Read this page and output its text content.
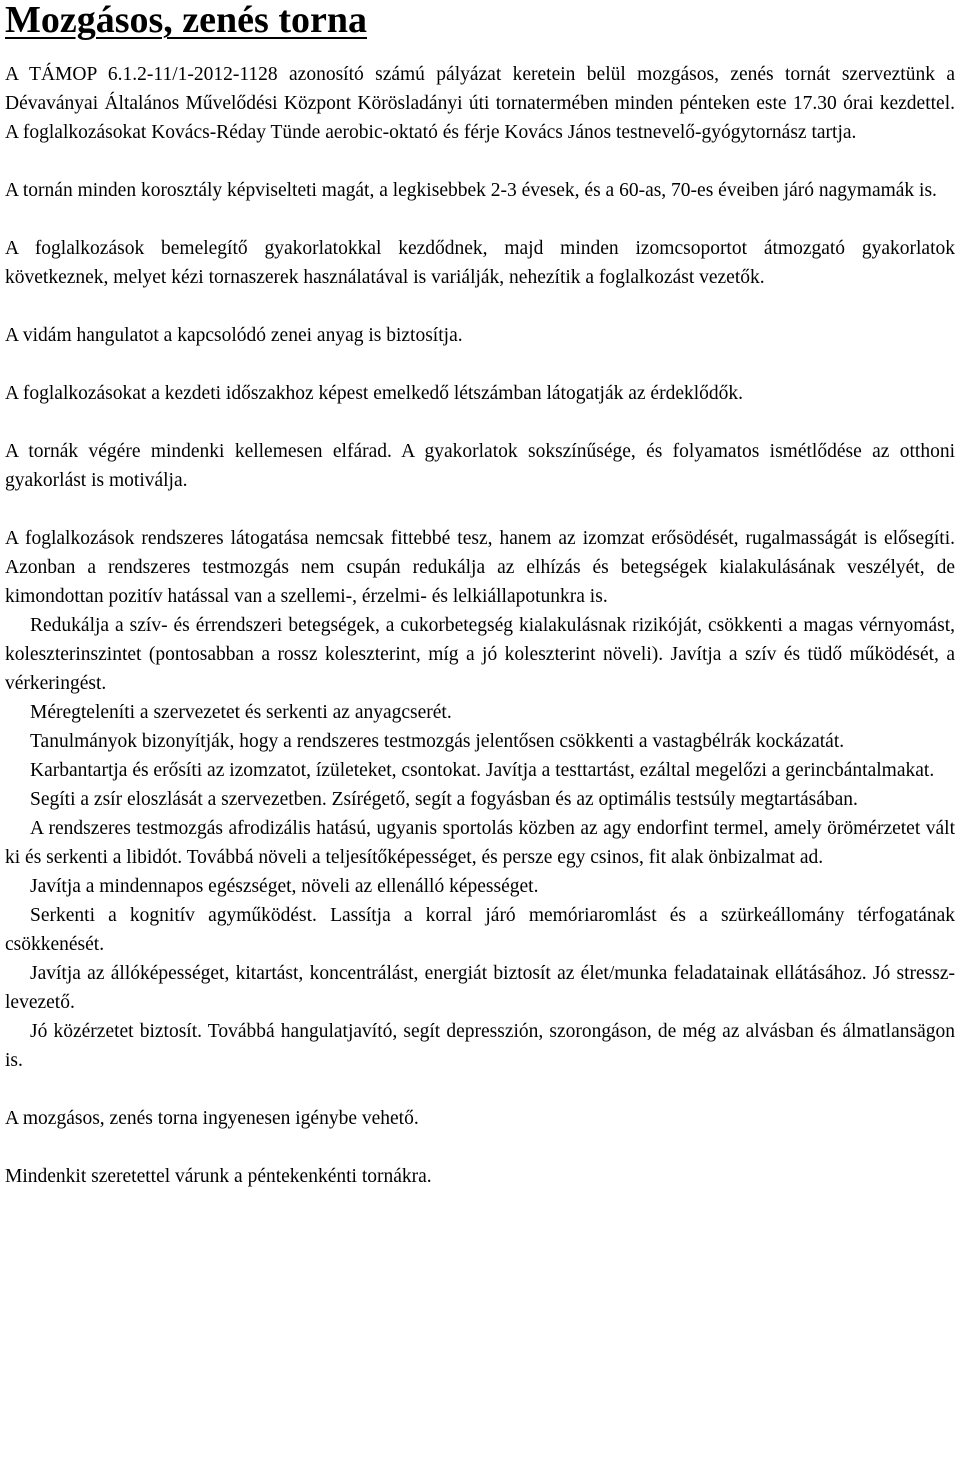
Mozgásos, zenés torna

A TÁMOP 6.1.2-11/1-2012-1128 azonosító számú pályázat keretein belül mozgásos, zenés tornát szerveztünk a Dévaványai Általános Művelődési Központ Körösladányi úti tornatermében minden pénteken este 17.30 órai kezdettel. A foglalkozásokat Kovács-Réday Tünde aerobic-oktató és férje Kovács János testnevelő-gyógytornász tartja.

A tornán minden korosztály képviselteti magát, a legkisebbek 2-3 évesek, és a 60-as, 70-es éveiben járó nagymamák is.

A foglalkozások bemelegítő gyakorlatokkal kezdődnek, majd minden izomcsoportot átmozgató gyakorlatok következnek, melyet kézi tornaszerek használatával is variálják, nehezítik a foglalkozást vezetők.

A vidám hangulatot a kapcsolódó zenei anyag is biztosítja.

A foglalkozásokat a kezdeti időszakhoz képest emelkedő létszámban látogatják az érdeklődők.

A tornák végére mindenki kellemesen elfárad. A gyakorlatok sokszínűsége, és folyamatos ismétlődése az otthoni gyakorlást is motiválja.

A foglalkozások rendszeres látogatása nemcsak fittebbé tesz, hanem az izomzat erősödését, rugalmasságát is elősegíti. Azonban a rendszeres testmozgás nem csupán redukálja az elhízás és betegségek kialakulásának veszélyét, de kimondottan pozitív hatással van a szellemi-, érzelmi- és lelkiállapotunkra is.

Redukálja a szív- és érrendszeri betegségek, a cukorbetegség kialakulásnak rizikóját, csökkenti a magas vérnyomást, koleszterinszintet (pontosabban a rossz koleszterint, míg a jó koleszterint növeli). Javítja a szív és tüdő működését, a vérkeringést.

Méregteleníti a szervezetet és serkenti az anyagcserét.

Tanulmányok bizonyítják, hogy a rendszeres testmozgás jelentősen csökkenti a vastagbélrák kockázatát.

Karbantartja és erősíti az izomzatot, ízületeket, csontokat. Javítja a testtartást, ezáltal megelőzi a gerincbántalmakat.

Segíti a zsír eloszlását a szervezetben. Zsírégető, segít a fogyásban és az optimális testsúly megtartásában.

A rendszeres testmozgás afrodizális hatású, ugyanis sportolás közben az agy endorfint termel, amely örömérzetet vált ki és serkenti a libidót. Továbbá növeli a teljesítőképességet, és persze egy csinos, fit alak önbizalmat ad.

Javítja a mindennapos egészséget, növeli az ellenálló képességet.

Serkenti a kognitív agyműködést. Lassítja a korral járó memóriaromlást és a szürkeállomány térfogatának csökkenését.

Javítja az állóképességet, kitartást, koncentrálást, energiát biztosít az élet/munka feladatainak ellátásához. Jó stressz-levezető.

Jó közérzetet biztosít. Továbbá hangulatjavító, segít depresszión, szorongáson, de még az alvásban és álmatlansägon is.

A mozgásos, zenés torna ingyenesen igénybe vehető.

Mindenkit szeretettel várunk a péntekenkénti tornákra.
